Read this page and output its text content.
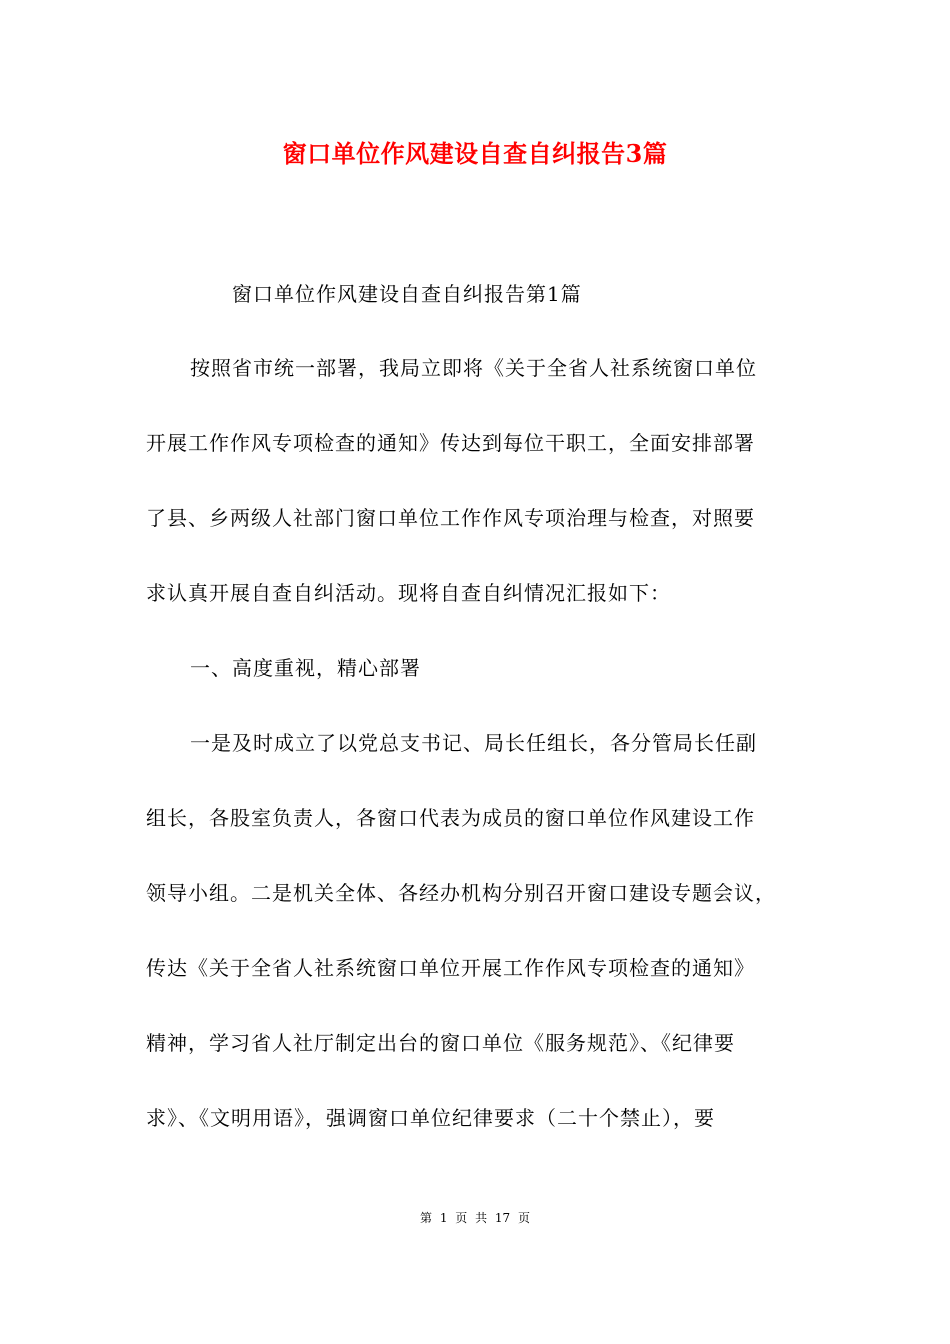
窗口单位作风建设自查自纠报告3篇
窗口单位作风建设自查自纠报告第1篇
按照省市统一部署，我局立即将《关于全省人社系统窗口单位
开展工作作风专项检查的通知》传达到每位干职工，全面安排部署
了县、乡两级人社部门窗口单位工作作风专项治理与检查，对照要
求认真开展自查自纠活动。现将自查自纠情况汇报如下：
一、高度重视，精心部署
一是及时成立了以党总支书记、局长任组长，各分管局长任副
组长，各股室负责人，各窗口代表为成员的窗口单位作风建设工作
领导小组。二是机关全体、各经办机构分别召开窗口建设专题会议，
传达《关于全省人社系统窗口单位开展工作作风专项检查的通知》
精神，学习省人社厅制定出台的窗口单位《服务规范》、《纪律要
求》、《文明用语》，强调窗口单位纪律要求（二十个禁止），要
第 1 页 共 17 页
